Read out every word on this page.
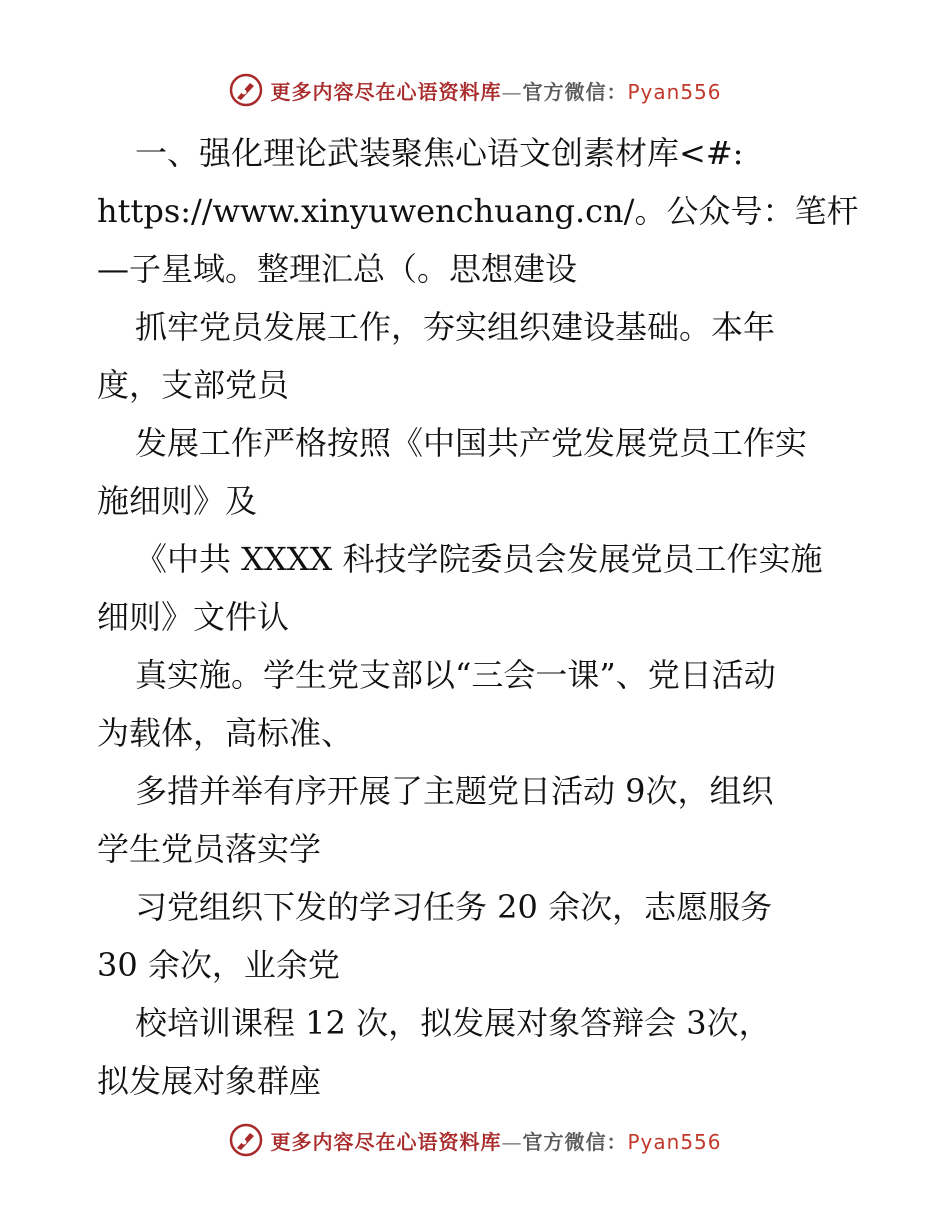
更多内容尽在心语资料库—官方微信：Pyan556
一、强化理论武装聚焦心语文创素材库<#:
https://www.xinyuwenchuang.cn/。公众号：笔杆
—子星域。整理汇总（。思想建设
抓牢党员发展工作，夯实组织建设基础。本年
度，支部党员
发展工作严格按照《中国共产党发展党员工作实
施细则》及
《中共 XXXX 科技学院委员会发展党员工作实施
细则》文件认
真实施。学生党支部以“三会一课”、党日活动
为载体，高标准、
多措并举有序开展了主题党日活动 9次，组织
学生党员落实学
习党组织下发的学习任务 20 余次，志愿服务
30 余次，业余党
校培训课程 12 次，拟发展对象答辩会 3次，
拟发展对象群座
更多内容尽在心语资料库—官方微信：Pyan556
